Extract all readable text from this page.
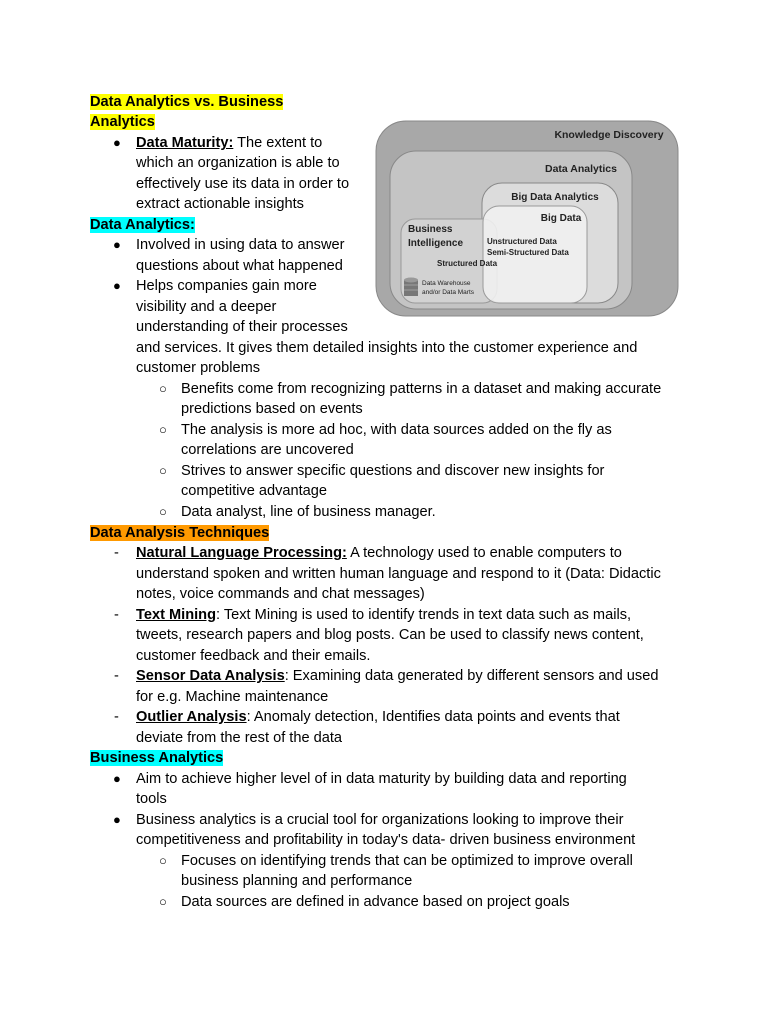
Data Analytics vs. Business
Analytics
● Data Maturity: The extent to
which an organization is able to
effectively use its data in order to
extract actionable insights
Data Analytics:
● Involved in using data to answer
questions about what happened
● Helps companies gain more
visibility and a deeper
understanding of their processes
and services. It gives them detailed insights into the customer experience and
customer problems
○ Benefits come from recognizing patterns in a dataset and making accurate
predictions based on events
○ The analysis is more ad hoc, with data sources added on the fly as
correlations are uncovered
○ Strives to answer specific questions and discover new insights for
competitive advantage
○ Data analyst, line of business manager.
Data Analysis Techniques
- Natural Language Processing: A technology used to enable computers to
understand spoken and written human language and respond to it (Data: Didactic
notes, voice commands and chat messages)
- Text Mining: Text Mining is used to identify trends in text data such as mails,
tweets, research papers and blog posts. Can be used to classify news content,
customer feedback and their emails.
- Sensor Data Analysis: Examining data generated by different sensors and used
for e.g. Machine maintenance
- Outlier Analysis: Anomaly detection, Identifies data points and events that
deviate from the rest of the data
Business Analytics
● Aim to achieve higher level of in data maturity by building data and reporting
tools
● Business analytics is a crucial tool for organizations looking to improve their
competitiveness and profitability in today's data- driven business environment
○ Focuses on identifying trends that can be optimized to improve overall
business planning and performance
○ Data sources are defined in advance based on project goals
Knowledge Discovery
Data Analytics
Big Data Analytics
Big Data
Business
Intelligence	Unstructured Data
Semi-Structured Data
Structured Data
Data Warehouse
and/or Data Marts
